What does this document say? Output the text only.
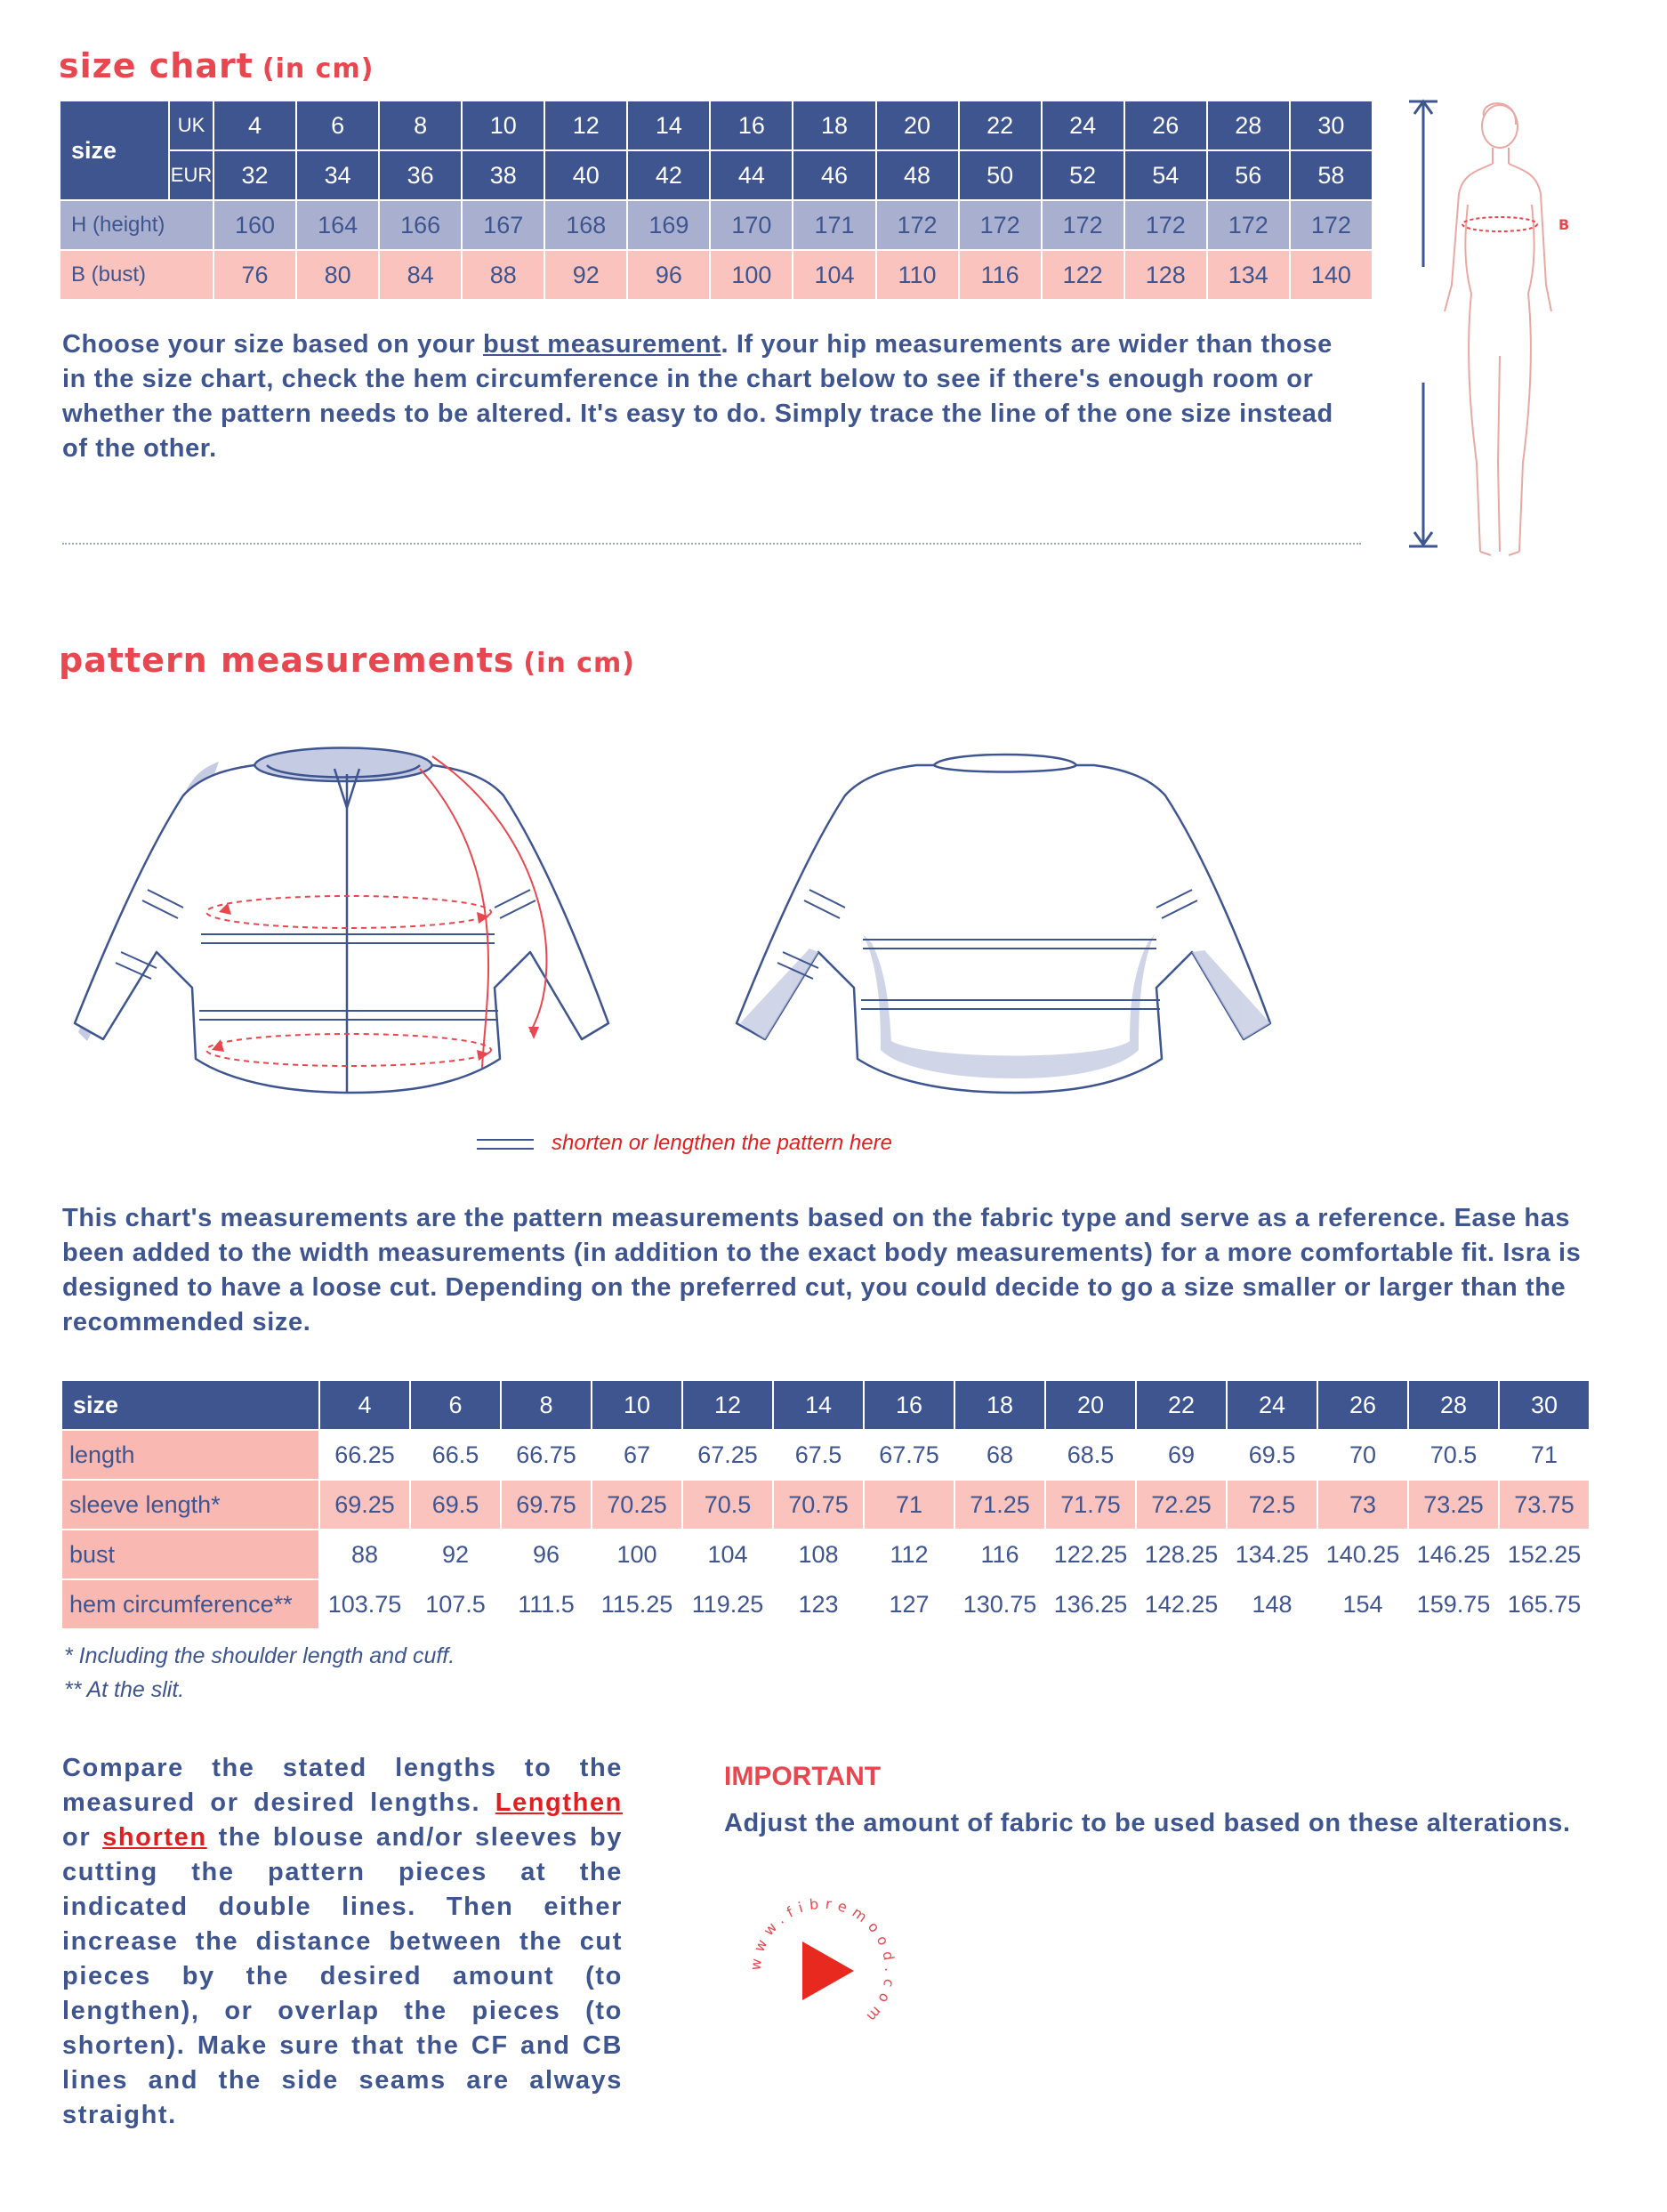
size chart (in cm)
size	UK	4	6	8	10	12	14	16	18	20	22	24	26	28	30
	EUR	32	34	36	38	40	42	44	46	48	50	52	54	56	58
H (height)		160	164	166	167	168	169	170	171	172	172	172	172	172	172
B (bust)		76	80	84	88	92	96	100	104	110	116	122	128	134	140

Choose your size based on your bust measurement. If your hip measurements are wider than those in the size chart, check the hem circumference in the chart below to see if there's enough room or whether the pattern needs to be altered. It's easy to do. Simply trace the line of the one size instead of the other.

B
pattern measurements (in cm)
shorten or lengthen the pattern here

This chart's measurements are the pattern measurements based on the fabric type and serve as a reference. Ease has been added to the width measurements (in addition to the exact body measurements) for a more comfortable fit. Isra is designed to have a loose cut. Depending on the preferred cut, you could decide to go a size smaller or larger than the recommended size.

size	4	6	8	10	12	14	16	18	20	22	24	26	28	30
length	66.25	66.5	66.75	67	67.25	67.5	67.75	68	68.5	69	69.5	70	70.5	71
sleeve length*	69.25	69.5	69.75	70.25	70.5	70.75	71	71.25	71.75	72.25	72.5	73	73.25	73.75
bust	88	92	96	100	104	108	112	116	122.25	128.25	134.25	140.25	146.25	152.25
hem circumference**	103.75	107.5	111.5	115.25	119.25	123	127	130.75	136.25	142.25	148	154	159.75	165.75
* Including the shoulder length and cuff.
** At the slit.

Compare the stated lengths to the measured or desired lengths. Lengthen or shorten the blouse and/or sleeves by cutting the pattern pieces at the indicated double lines. Then either increase the distance between the cut pieces by the desired amount (to lengthen), or overlap the pieces (to shorten). Make sure that the CF and CB lines and the side seams are always straight.

IMPORTANT

Adjust the amount of fabric to be used based on these alterations.

www.fibremood.com
